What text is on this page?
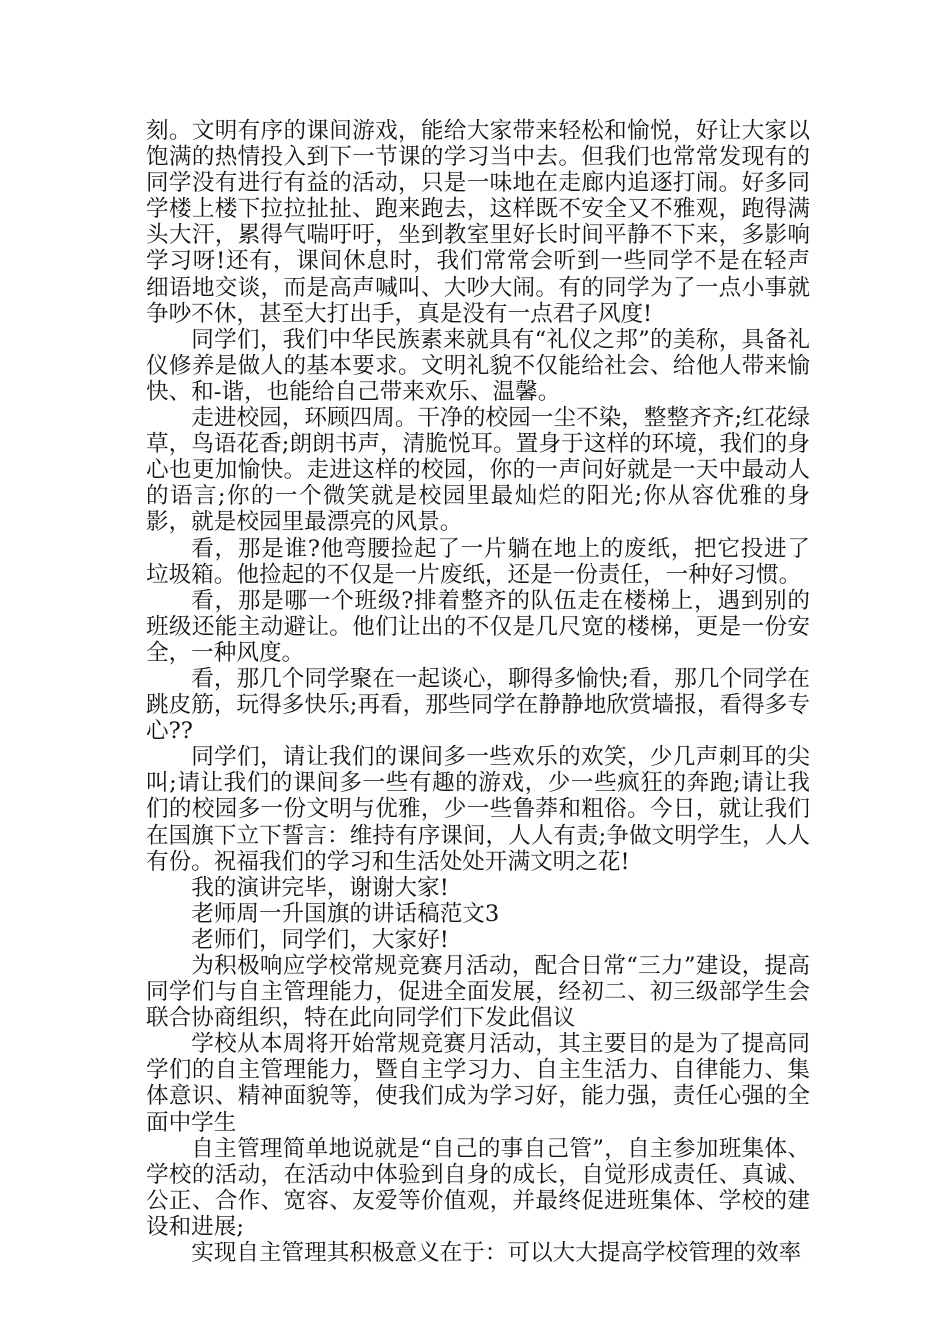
刻。文明有序的课间游戏，能给大家带来轻松和愉悦，好让大家以饱满的热情投入到下一节课的学习当中去。但我们也常常发现有的同学没有进行有益的活动，只是一味地在走廊内追逐打闹。好多同学楼上楼下拉拉扯扯、跑来跑去，这样既不安全又不雅观，跑得满头大汗，累得气喘吁吁，坐到教室里好长时间平静不下来，多影响学习呀!还有，课间休息时，我们常常会听到一些同学不是在轻声细语地交谈，而是高声喊叫、大吵大闹。有的同学为了一点小事就争吵不休，甚至大打出手，真是没有一点君子风度!

同学们，我们中华民族素来就具有“礼仪之邦”的美称，具备礼仪修养是做人的基本要求。文明礼貌不仅能给社会、给他人带来愉快、和-谐，也能给自己带来欢乐、温馨。

走进校园，环顾四周。干净的校园一尘不染，整整齐齐;红花绿草，鸟语花香;朗朗书声，清脆悦耳。置身于这样的环境，我们的身心也更加愉快。走进这样的校园，你的一声问好就是一天中最动人的语言;你的一个微笑就是校园里最灿烂的阳光;你从容优雅的身影，就是校园里最漂亮的风景。

看，那是谁?他弯腰捡起了一片躺在地上的废纸，把它投进了垃圾箱。他捡起的不仅是一片废纸，还是一份责任，一种好习惯。

看，那是哪一个班级?排着整齐的队伍走在楼梯上，遇到别的班级还能主动避让。他们让出的不仅是几尺宽的楼梯，更是一份安全，一种风度。

看，那几个同学聚在一起谈心，聊得多愉快;看，那几个同学在跳皮筋，玩得多快乐;再看，那些同学在静静地欣赏墙报，看得多专心??

同学们，请让我们的课间多一些欢乐的欢笑，少几声刺耳的尖叫;请让我们的课间多一些有趣的游戏，少一些疯狂的奔跑;请让我们的校园多一份文明与优雅，少一些鲁莽和粗俗。今日，就让我们在国旗下立下誓言：维持有序课间，人人有责;争做文明学生，人人有份。祝福我们的学习和生活处处开满文明之花!

我的演讲完毕，谢谢大家!

老师周一升国旗的讲话稿范文3

老师们，同学们，大家好!

为积极响应学校常规竞赛月活动，配合日常“三力”建设，提高同学们与自主管理能力，促进全面发展，经初二、初三级部学生会联合协商组织，特在此向同学们下发此倡议

学校从本周将开始常规竞赛月活动，其主要目的是为了提高同学们的自主管理能力，暨自主学习力、自主生活力、自律能力、集体意识、精神面貌等，使我们成为学习好，能力强，责任心强的全面中学生

自主管理简单地说就是“自己的事自己管”，自主参加班集体、学校的活动，在活动中体验到自身的成长，自觉形成责任、真诚、公正、合作、宽容、友爱等价值观，并最终促进班集体、学校的建设和进展;

实现自主管理其积极意义在于：可以大大提高学校管理的效率
